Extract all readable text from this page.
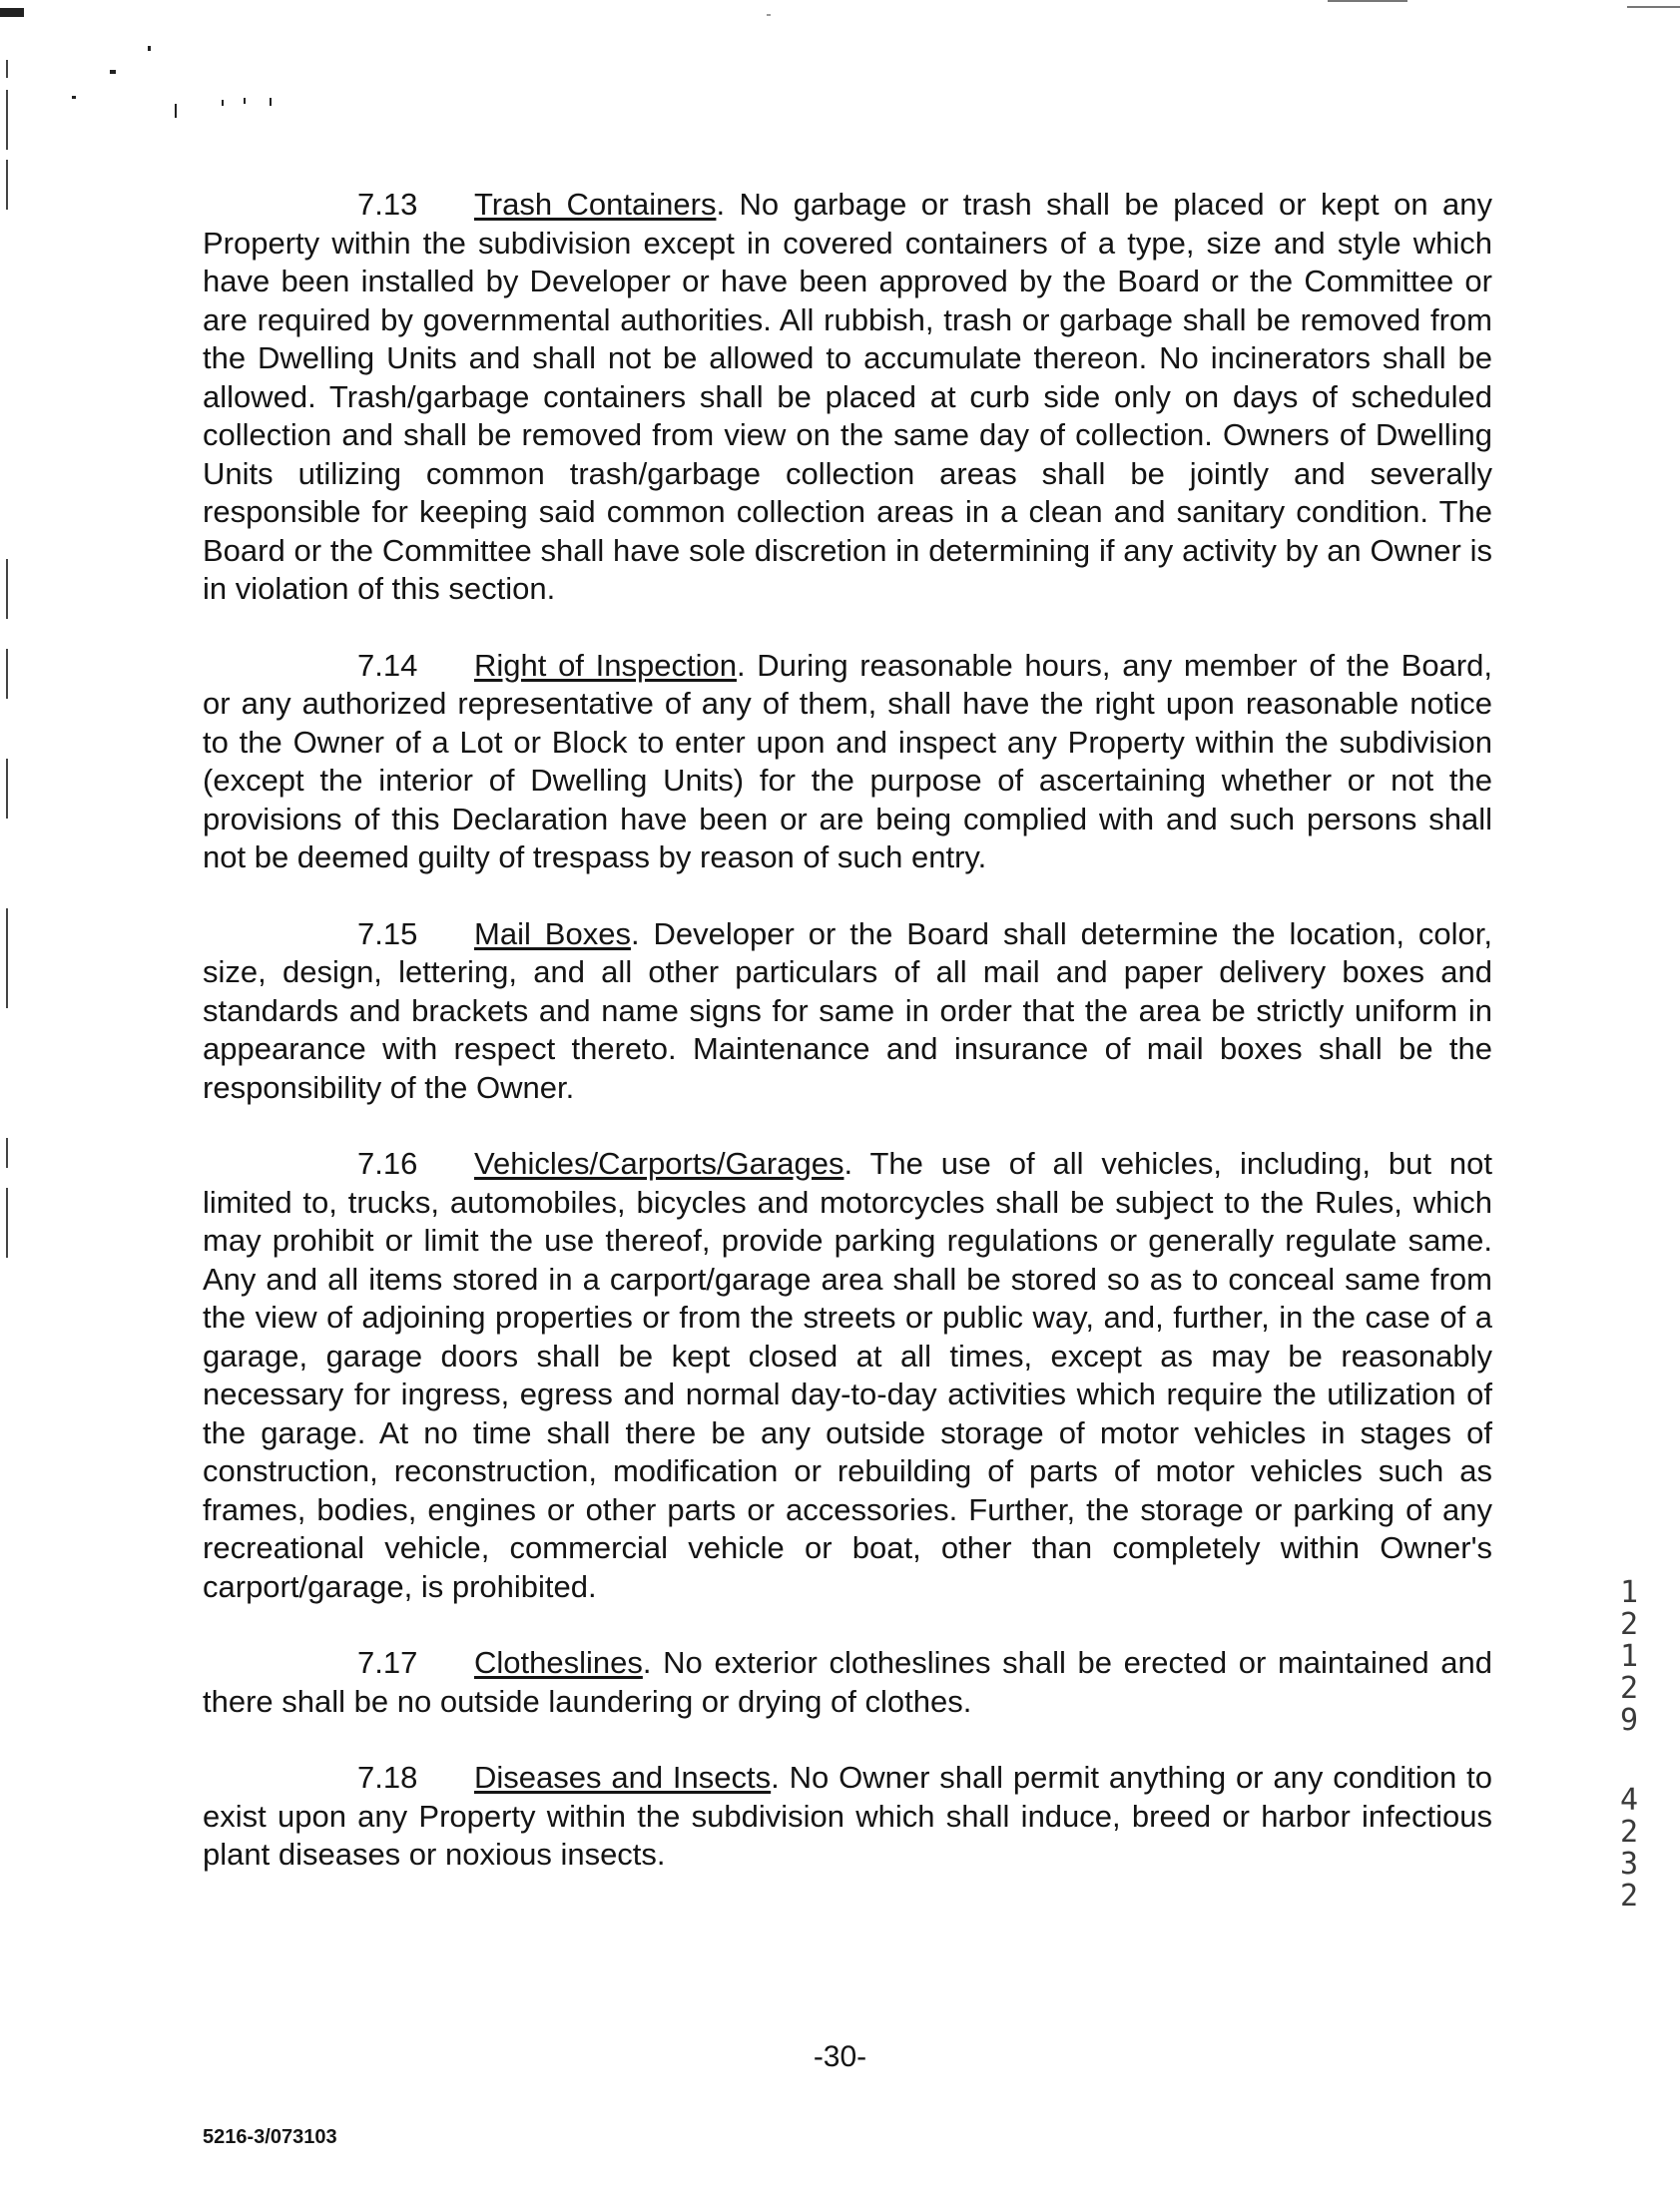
7.13 Trash Containers. No garbage or trash shall be placed or kept on any Property within the subdivision except in covered containers of a type, size and style which have been installed by Developer or have been approved by the Board or the Committee or are required by governmental authorities. All rubbish, trash or garbage shall be removed from the Dwelling Units and shall not be allowed to accumulate thereon. No incinerators shall be allowed. Trash/garbage containers shall be placed at curb side only on days of scheduled collection and shall be removed from view on the same day of collection. Owners of Dwelling Units utilizing common trash/garbage collection areas shall be jointly and severally responsible for keeping said common collection areas in a clean and sanitary condition. The Board or the Committee shall have sole discretion in determining if any activity by an Owner is in violation of this section.

7.14 Right of Inspection. During reasonable hours, any member of the Board, or any authorized representative of any of them, shall have the right upon reasonable notice to the Owner of a Lot or Block to enter upon and inspect any Property within the subdivision (except the interior of Dwelling Units) for the purpose of ascertaining whether or not the provisions of this Declaration have been or are being complied with and such persons shall not be deemed guilty of trespass by reason of such entry.

7.15 Mail Boxes. Developer or the Board shall determine the location, color, size, design, lettering, and all other particulars of all mail and paper delivery boxes and standards and brackets and name signs for same in order that the area be strictly uniform in appearance with respect thereto. Maintenance and insurance of mail boxes shall be the responsibility of the Owner.

7.16 Vehicles/Carports/Garages. The use of all vehicles, including, but not limited to, trucks, automobiles, bicycles and motorcycles shall be subject to the Rules, which may prohibit or limit the use thereof, provide parking regulations or generally regulate same. Any and all items stored in a carport/garage area shall be stored so as to conceal same from the view of adjoining properties or from the streets or public way, and, further, in the case of a garage, garage doors shall be kept closed at all times, except as may be reasonably necessary for ingress, egress and normal day-to-day activities which require the utilization of the garage. At no time shall there be any outside storage of motor vehicles in stages of construction, reconstruction, modification or rebuilding of parts of motor vehicles such as frames, bodies, engines or other parts or accessories. Further, the storage or parking of any recreational vehicle, commercial vehicle or boat, other than completely within Owner's carport/garage, is prohibited.

7.17 Clotheslines. No exterior clotheslines shall be erected or maintained and there shall be no outside laundering or drying of clothes.

7.18 Diseases and Insects. No Owner shall permit anything or any condition to exist upon any Property within the subdivision which shall induce, breed or harbor infectious plant diseases or noxious insects.

1
2
1
2
9
4
2
3
2
-30-
5216-3/073103
